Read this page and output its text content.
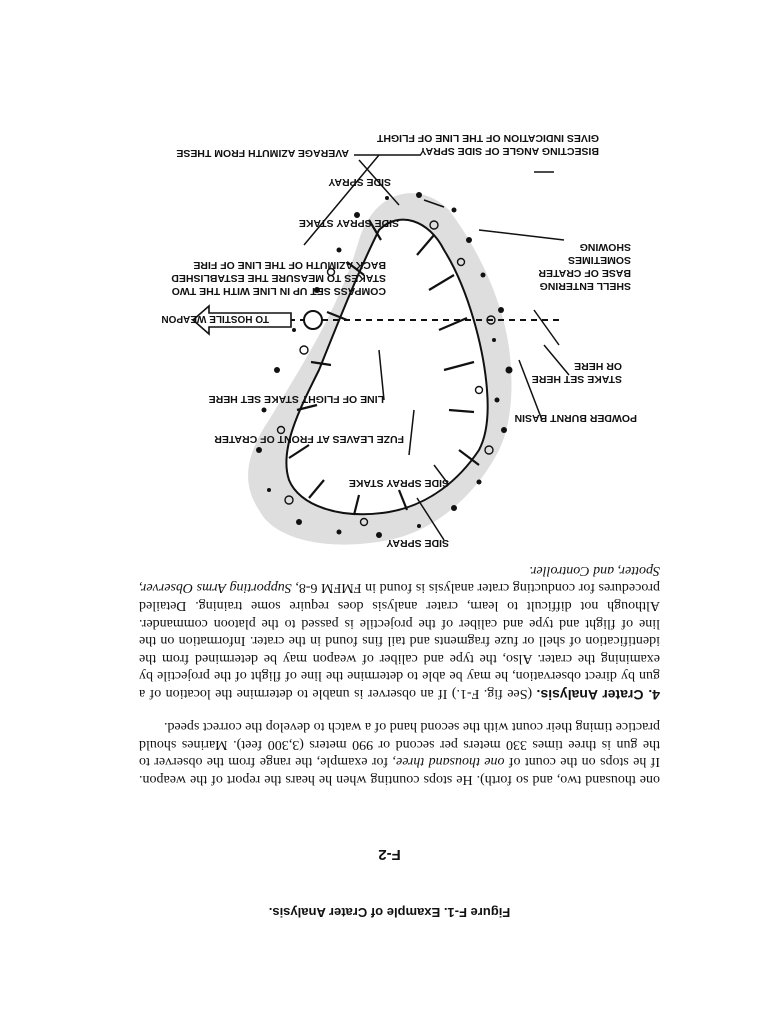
F-2

one thousand two, and so forth). He stops counting when he hears the report of the weapon. If he stops on the count of one thousand three, for example, the range from the observer to the gun is three times 330 meters per second or 990 meters (3,300 feet). Marines should practice timing their count with the second hand of a watch to develop the correct speed.

4. Crater Analysis. (See fig. F-1.) If an observer is unable to determine the location of a gun by direct observation, he may be able to determine the line of flight of the projectile by examining the crater. Also, the type and caliber of weapon may be determined from the identification of shell or fuze fragments and tail fins found in the crater. Information on the line of flight and type and caliber of the projectile is passed to the platoon commander. Although not difficult to learn, crater analysis does require some training. Detailed procedures for conducting crater analysis is found in FMFM 6-8, Supporting Arms Observer, Spotter, and Controller.
SIDE SPRAY
SIDE SPRAY STAKE
FUZE LEAVES AT FRONT OF CRATER
LINE OF FLIGHT STAKE SET HERE
TO HOSTILE WEAPON
COMPASS SET UP IN LINE WITH THE TWO
STAKES TO MEASURE THE ESTABLISHED
BACK AZIMUTH OF THE LINE OF FIRE
SIDE SPRAY STAKE
SIDE SPRAY
AVERAGE AZIMUTH FROM THESE
POWDER BURNT BASIN
STAKE SET HERE
OR HERE
SHELL ENTERING
BASE OF CRATER
SOMETIMES
SHOWING
BISECTING ANGLE OF SIDE SPRAY
GIVES INDICATION OF THE LINE OF FLIGHT
Figure F-1. Example of Crater Analysis.
